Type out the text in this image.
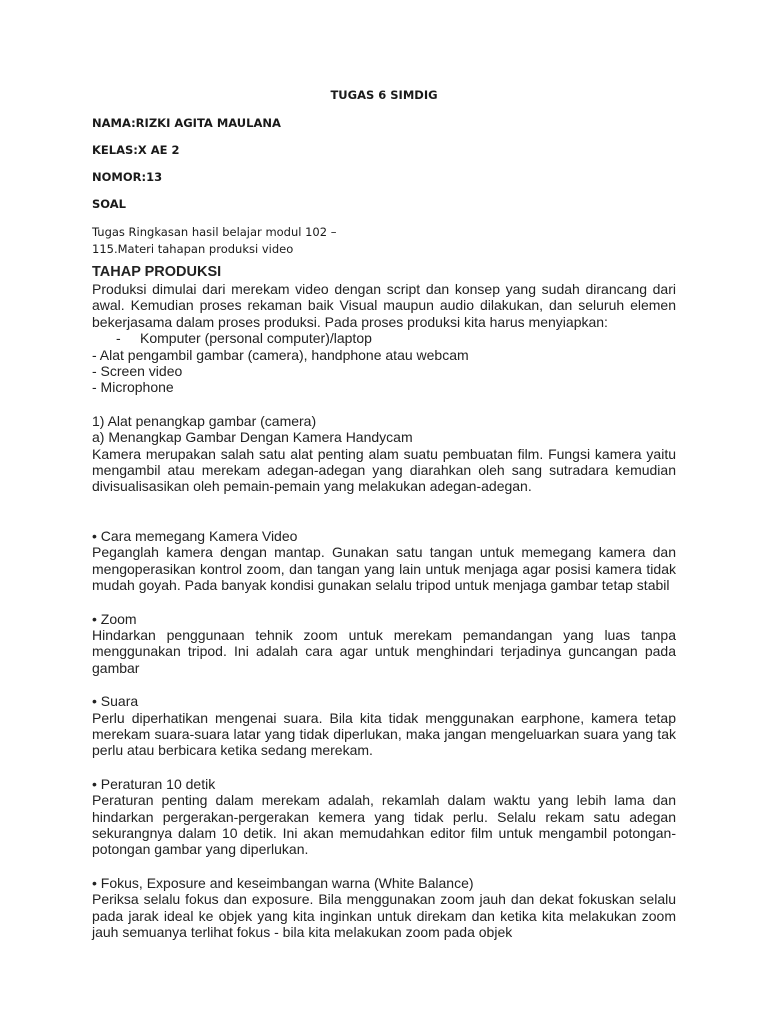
TUGAS 6 SIMDIG

NAMA:RIZKI AGITA MAULANA

KELAS:X AE 2

NOMOR:13

SOAL

Tugas Ringkasan hasil belajar modul 102 –
115.Materi tahapan produksi video

TAHAP PRODUKSI

Produksi dimulai dari merekam video dengan script dan konsep yang sudah dirancang dari awal. Kemudian proses rekaman baik Visual maupun audio dilakukan, dan seluruh elemen bekerjasama dalam proses produksi. Pada proses produksi kita harus menyiapkan:

-	Komputer (personal computer)/laptop

- Alat pengambil gambar (camera), handphone atau webcam

- Screen video

- Microphone

1) Alat penangkap gambar (camera)

a) Menangkap Gambar Dengan Kamera Handycam

Kamera merupakan salah satu alat penting alam suatu pembuatan film. Fungsi kamera yaitu mengambil atau merekam adegan-adegan yang diarahkan oleh sang sutradara kemudian divisualisasikan oleh pemain-pemain yang melakukan adegan-adegan.

• Cara memegang Kamera Video

Peganglah kamera dengan mantap. Gunakan satu tangan untuk memegang kamera dan mengoperasikan kontrol zoom, dan tangan yang lain untuk menjaga agar posisi kamera tidak mudah goyah. Pada banyak kondisi gunakan selalu tripod untuk menjaga gambar tetap stabil

• Zoom

Hindarkan penggunaan tehnik zoom untuk merekam pemandangan yang luas tanpa menggunakan tripod. Ini adalah cara agar untuk menghindari terjadinya guncangan pada gambar

• Suara

Perlu diperhatikan mengenai suara. Bila kita tidak menggunakan earphone, kamera tetap merekam suara-suara latar yang tidak diperlukan, maka jangan mengeluarkan suara yang tak perlu atau berbicara ketika sedang merekam.

• Peraturan 10 detik

Peraturan penting dalam merekam adalah, rekamlah dalam waktu yang lebih lama dan hindarkan pergerakan-pergerakan kemera yang tidak perlu. Selalu rekam satu adegan sekurangnya dalam 10 detik. Ini akan memudahkan editor film untuk mengambil potongan-potongan gambar yang diperlukan.

• Fokus, Exposure and keseimbangan warna (White Balance)

Periksa selalu fokus dan exposure. Bila menggunakan zoom jauh dan dekat fokuskan selalu pada jarak ideal ke objek yang kita inginkan untuk direkam dan ketika kita melakukan zoom jauh semuanya terlihat fokus - bila kita melakukan zoom pada objek
